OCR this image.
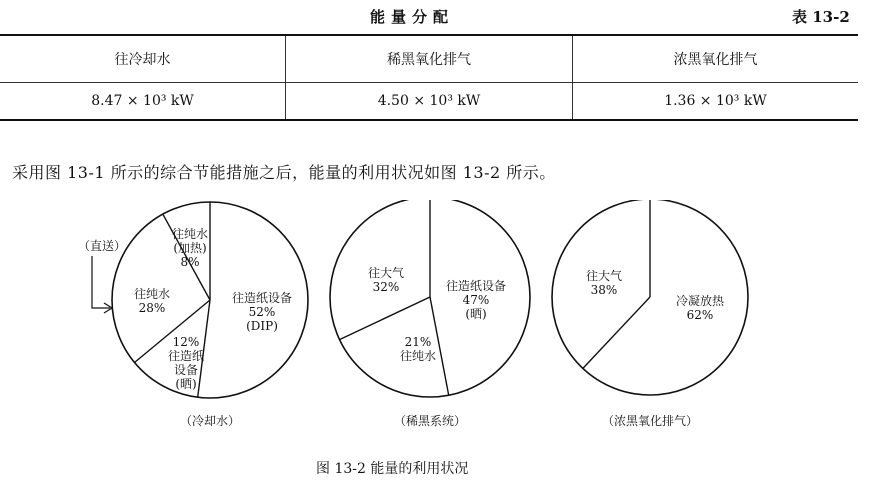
能量分配	表 13-2
往冷却水	稀黑氧化排气	浓黑氧化排气
8.47 × 10³ kW	4.50 × 10³ kW	1.36 × 10³ kW
采用图 13-1 所示的综合节能措施之后，能量的利用状况如图 13-2 所示。
往造纸设备 52% (DIP)
12%往造纸设备(晒)
往纯水 28%
往纯水(加热) 8%
（冷却水）
往造纸设备 47% (晒)
21%往纯水
往大气 32%
（稀黑系统）
冷凝放热 62%
往大气 38%
（浓黑氧化排气）
（直送）
图 13-2 能量的利用状况
